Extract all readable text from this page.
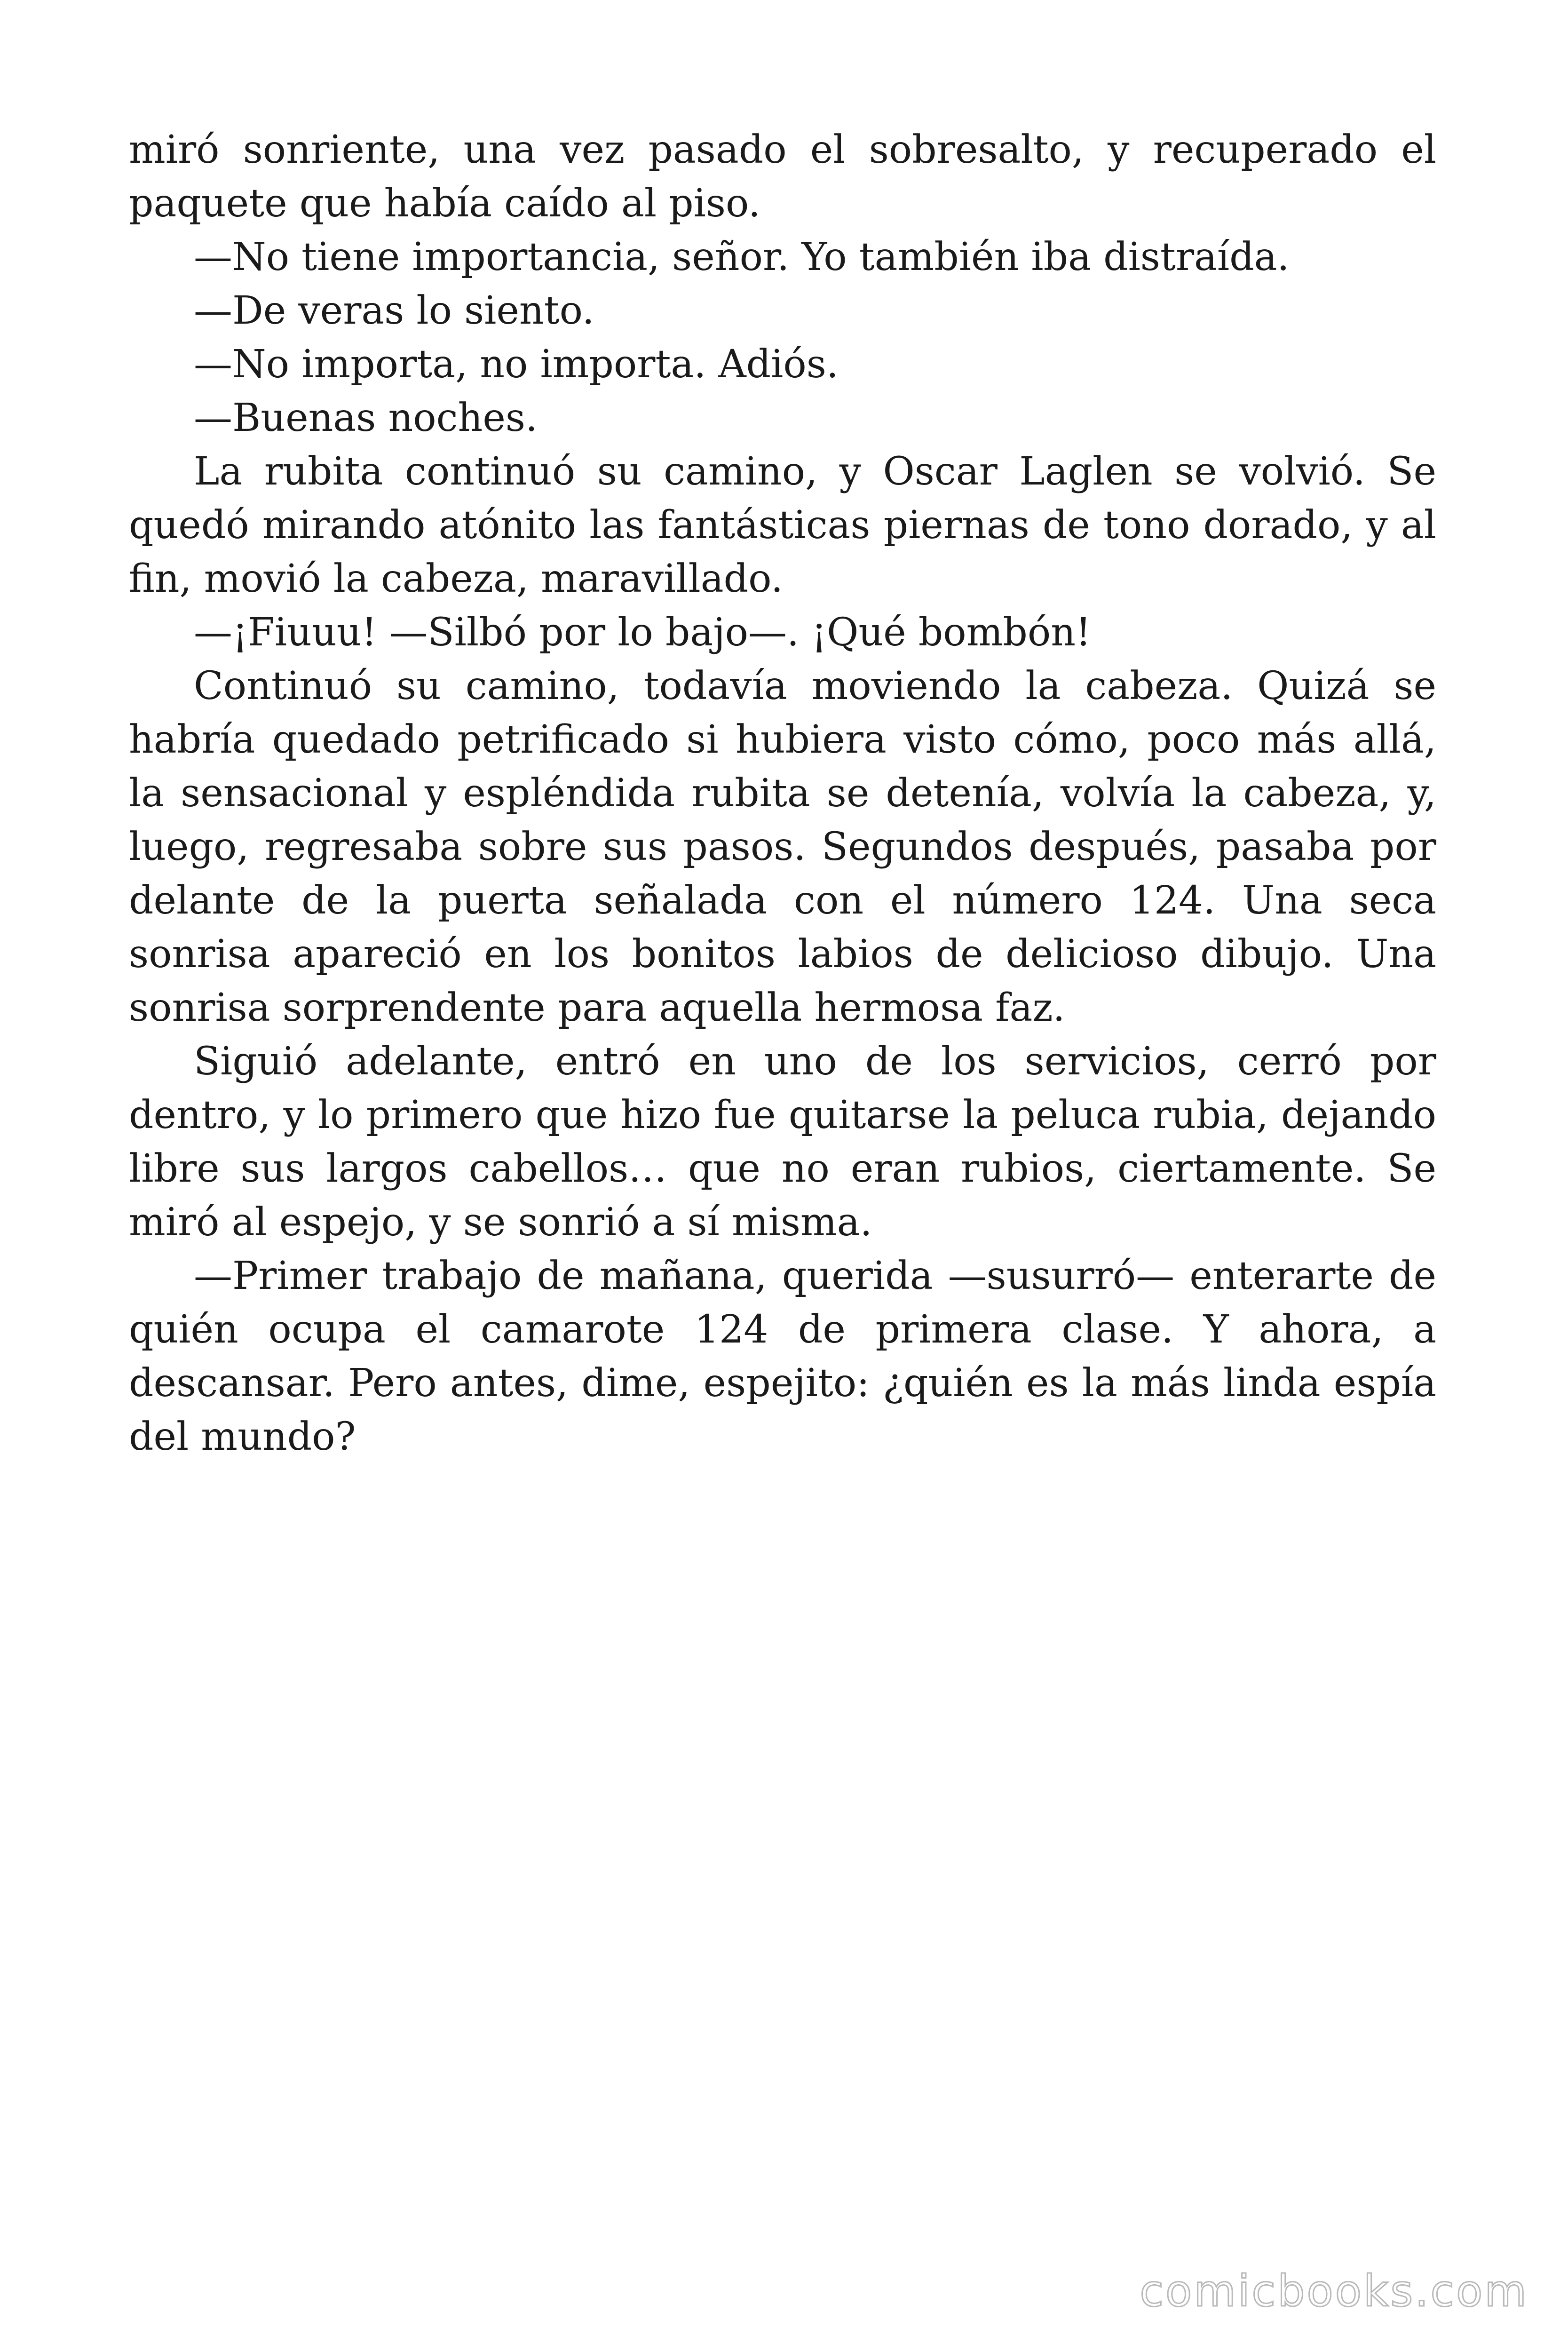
miró sonriente, una vez pasado el sobresalto, y recuperado el paquete que había caído al piso.

—No tiene importancia, señor. Yo también iba distraída.

—De veras lo siento.

—No importa, no importa. Adiós.

—Buenas noches.

La rubita continuó su camino, y Oscar Laglen se volvió. Se quedó mirando atónito las fantásticas piernas de tono dorado, y al fin, movió la cabeza, maravillado.

—¡Fiuuu! —Silbó por lo bajo—. ¡Qué bombón!

Continuó su camino, todavía moviendo la cabeza. Quizá se habría quedado petrificado si hubiera visto cómo, poco más allá, la sensacional y espléndida rubita se detenía, volvía la cabeza, y, luego, regresaba sobre sus pasos. Segundos después, pasaba por delante de la puerta señalada con el número 124. Una seca sonrisa apareció en los bonitos labios de delicioso dibujo. Una sonrisa sorprendente para aquella hermosa faz.

Siguió adelante, entró en uno de los servicios, cerró por dentro, y lo primero que hizo fue quitarse la peluca rubia, dejando libre sus largos cabellos… que no eran rubios, ciertamente. Se miró al espejo, y se sonrió a sí misma.

—Primer trabajo de mañana, querida —susurró— enterarte de quién ocupa el camarote 124 de primera clase. Y ahora, a descansar. Pero antes, dime, espejito: ¿quién es la más linda espía del mundo?

comicbooks.com
